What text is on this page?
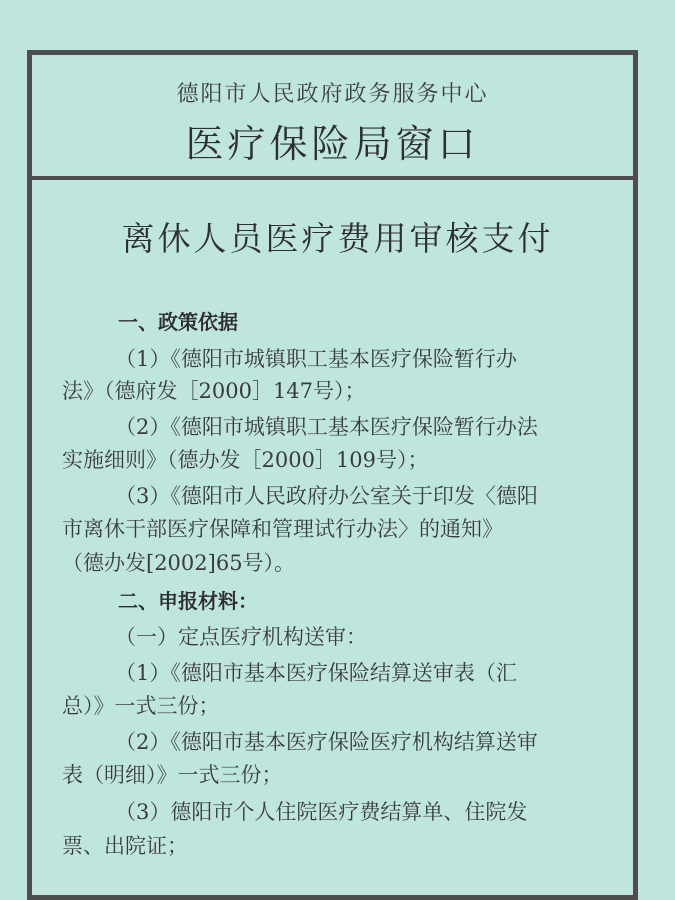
德阳市人民政府政务服务中心
医疗保险局窗口
离休人员医疗费用审核支付
一、政策依据
（1）《德阳市城镇职工基本医疗保险暂行办
法》（德府发［2000］147号）；
（2）《德阳市城镇职工基本医疗保险暂行办法
实施细则》（德办发［2000］109号）；
（3）《德阳市人民政府办公室关于印发〈德阳
市离休干部医疗保障和管理试行办法〉的通知》
（德办发[2002]65号）。
二、申报材料：
（一）定点医疗机构送审：
（1）《德阳市基本医疗保险结算送审表（汇
总）》一式三份；
（2）《德阳市基本医疗保险医疗机构结算送审
表（明细）》一式三份；
（3）德阳市个人住院医疗费结算单、住院发
票、出院证；
